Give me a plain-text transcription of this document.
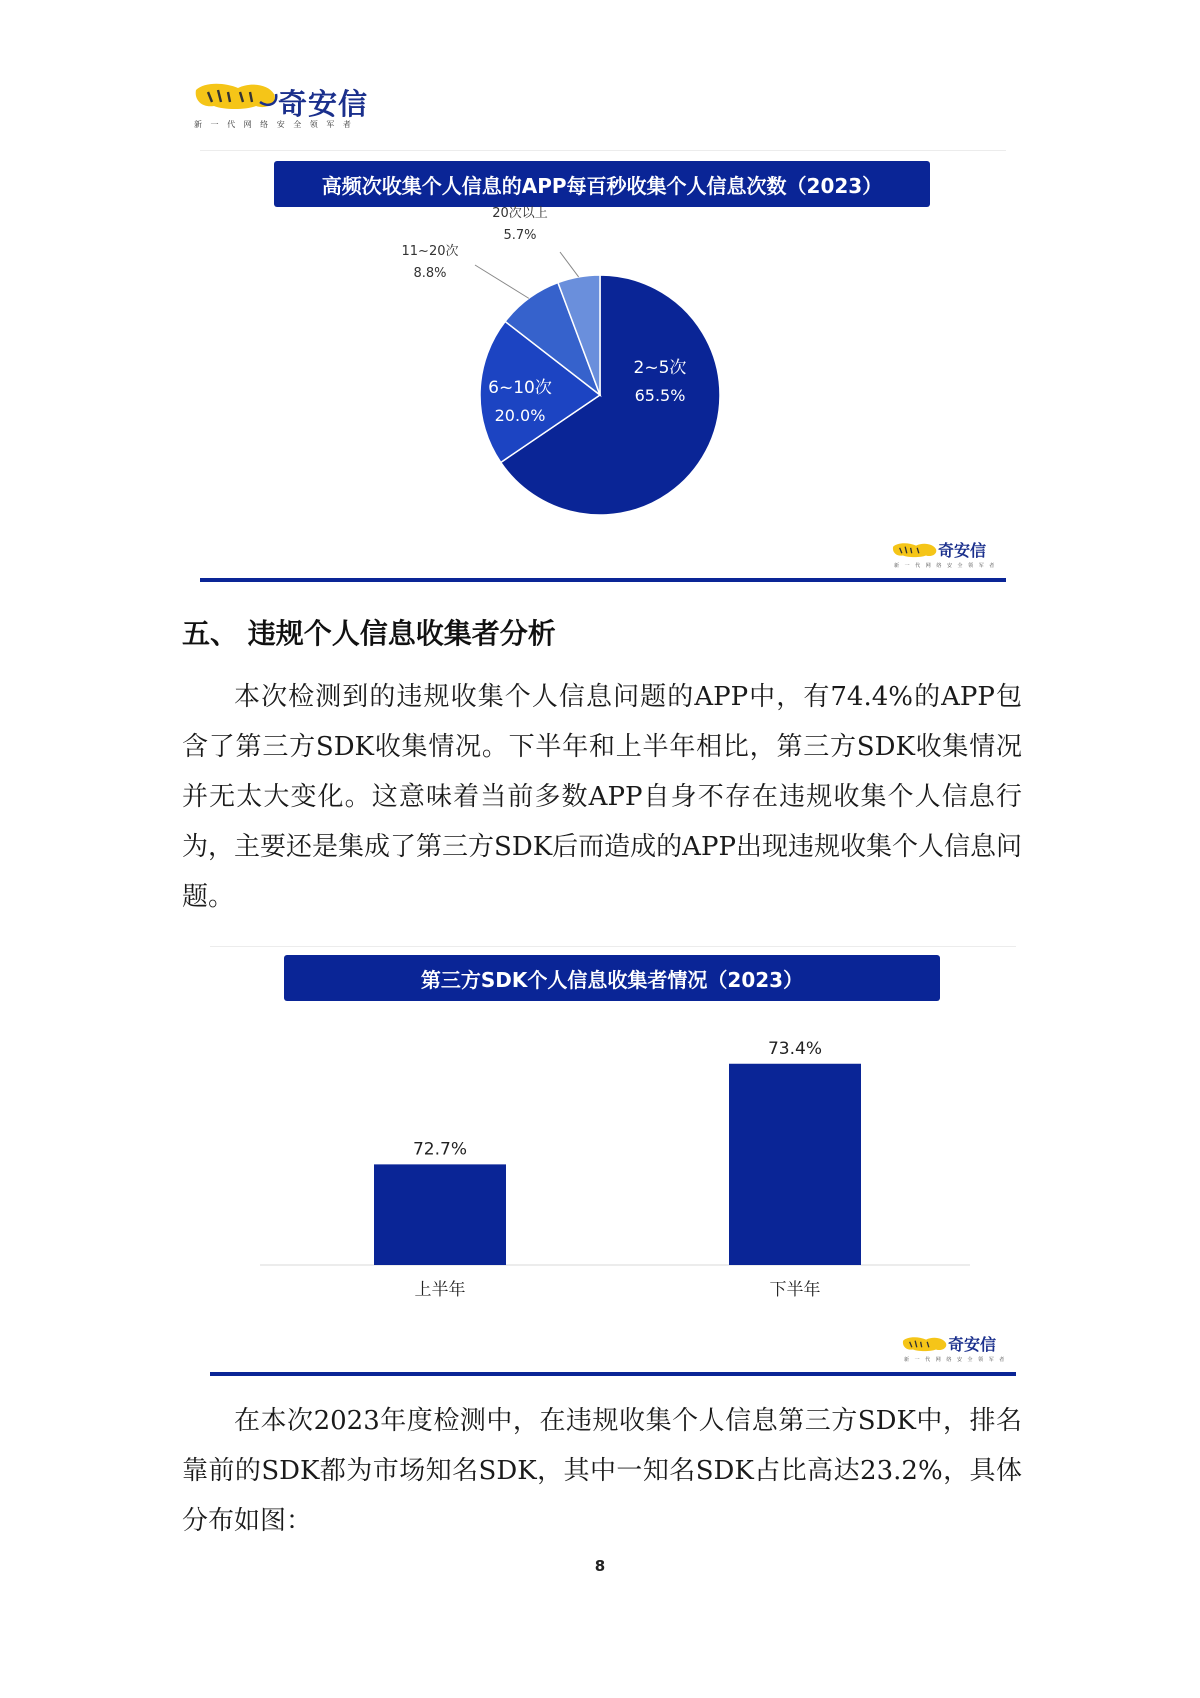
奇安信
新 一 代 网 络 安 全 领 军 者
高频次收集个人信息的APP每百秒收集个人信息次数（2023）
2~5次
65.5%
6~10次
20.0%
11~20次
8.8%
20次以上
5.7%
奇安信
新 一 代 网 络 安 全 领 军 者
五、 违规个人信息收集者分析

本次检测到的违规收集个人信息问题的APP中，有74.4%的APP包含了第三方SDK收集情况。下半年和上半年相比，第三方SDK收集情况并无太大变化。这意味着当前多数APP自身不存在违规收集个人信息行为，主要还是集成了第三方SDK后而造成的APP出现违规收集个人信息问题。

第三方SDK个人信息收集者情况（2023）
72.7%
上半年
73.4%
下半年
奇安信
新 一 代 网 络 安 全 领 军 者

在本次2023年度检测中，在违规收集个人信息第三方SDK中，排名靠前的SDK都为市场知名SDK，其中一知名SDK占比高达23.2%，具体分布如图：

8
